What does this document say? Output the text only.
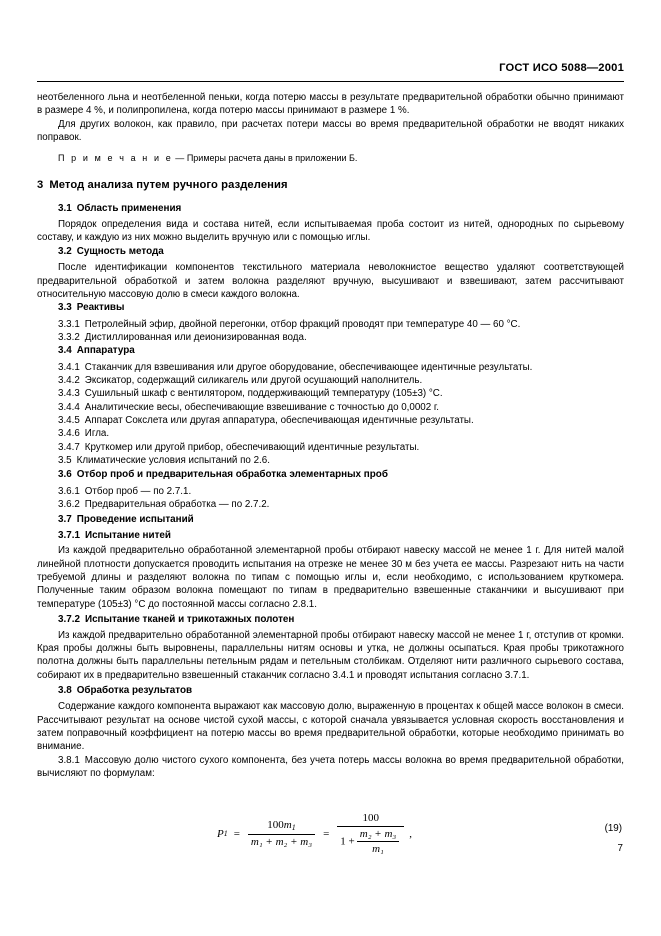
ГОСТ ИСО 5088—2001

неотбеленного льна и неотбеленной пеньки, когда потерю массы в результате предварительной обработки обычно принимают в размере 4 %, и полипропилена, когда потерю массы принимают в размере 1 %.

Для других волокон, как правило, при расчетах потери массы во время предварительной обработки не вводят никаких поправок.

П р и м е ч а н и е — Примеры расчета даны в приложении Б.

3 Метод анализа путем ручного разделения
3.1 Область применения

Порядок определения вида и состава нитей, если испытываемая проба состоит из нитей, однородных по сырьевому составу, и каждую из них можно выделить вручную или с помощью иглы.

3.2 Сущность метода

После идентификации компонентов текстильного материала неволокнистое вещество удаляют соответствующей предварительной обработкой и затем волокна разделяют вручную, высушивают и взвешивают, затем рассчитывают относительную массовую долю в смеси каждого волокна.

3.3 Реактивы

3.3.1 Петролейный эфир, двойной перегонки, отбор фракций проводят при температуре 40 — 60 °С.

3.3.2 Дистиллированная или деионизированная вода.

3.4 Аппаратура

3.4.1 Стаканчик для взвешивания или другое оборудование, обеспечивающее идентичные результаты.

3.4.2 Эксикатор, содержащий силикагель или другой осушающий наполнитель.

3.4.3 Сушильный шкаф с вентилятором, поддерживающий температуру (105±3) °С.

3.4.4 Аналитические весы, обеспечивающие взвешивание с точностью до 0,0002 г.

3.4.5 Аппарат Сокслета или другая аппаратура, обеспечивающая идентичные результаты.

3.4.6 Игла.

3.4.7 Круткомер или другой прибор, обеспечивающий идентичные результаты.

3.5 Климатические условия испытаний по 2.6.

3.6 Отбор проб и предварительная обработка элементарных проб

3.6.1 Отбор проб — по 2.7.1.

3.6.2 Предварительная обработка — по 2.7.2.

3.7 Проведение испытаний
3.7.1 Испытание нитей

Из каждой предварительно обработанной элементарной пробы отбирают навеску массой не менее 1 г. Для нитей малой линейной плотности допускается проводить испытания на отрезке не менее 30 м без учета ее массы. Разрезают нить на части требуемой длины и разделяют волокна по типам с помощью иглы и, если необходимо, с использованием круткомера. Полученные таким образом волокна помещают по типам в предварительно взвешенные стаканчики и высушивают при температуре (105±3) °С до постоянной массы согласно 2.8.1.

3.7.2 Испытание тканей и трикотажных полотен

Из каждой предварительно обработанной элементарной пробы отбирают навеску массой не менее 1 г, отступив от кромки. Края пробы должны быть выровнены, параллельны нитям основы и утка, не должны осыпаться. Края пробы трикотажного полотна должны быть параллельны петельным рядам и петельным столбикам. Отделяют нити различного сырьевого состава, собирают их в предварительно взвешенный стаканчик согласно 3.4.1 и проводят испытания согласно 3.7.1.

3.8 Обработка результатов

Содержание каждого компонента выражают как массовую долю, выраженную в процентах к общей массе волокон в смеси. Рассчитывают результат на основе чистой сухой массы, с которой сначала увязывается условная скорость восстановления и затем поправочный коэффициент на потерю массы во время предварительной обработки, которые необходимо принимать во внимание.

3.8.1 Массовую долю чистого сухого компонента, без учета потерь массы волокна во время предварительной обработки, вычисляют по формулам:

P $1 = \frac{100m_1}{\text{m₁ + m₂ + m₃}} = \frac{100}{1 + \frac{\text{m₂ + m₃}}{\text{m₁}}}$ ,	(19)
7
